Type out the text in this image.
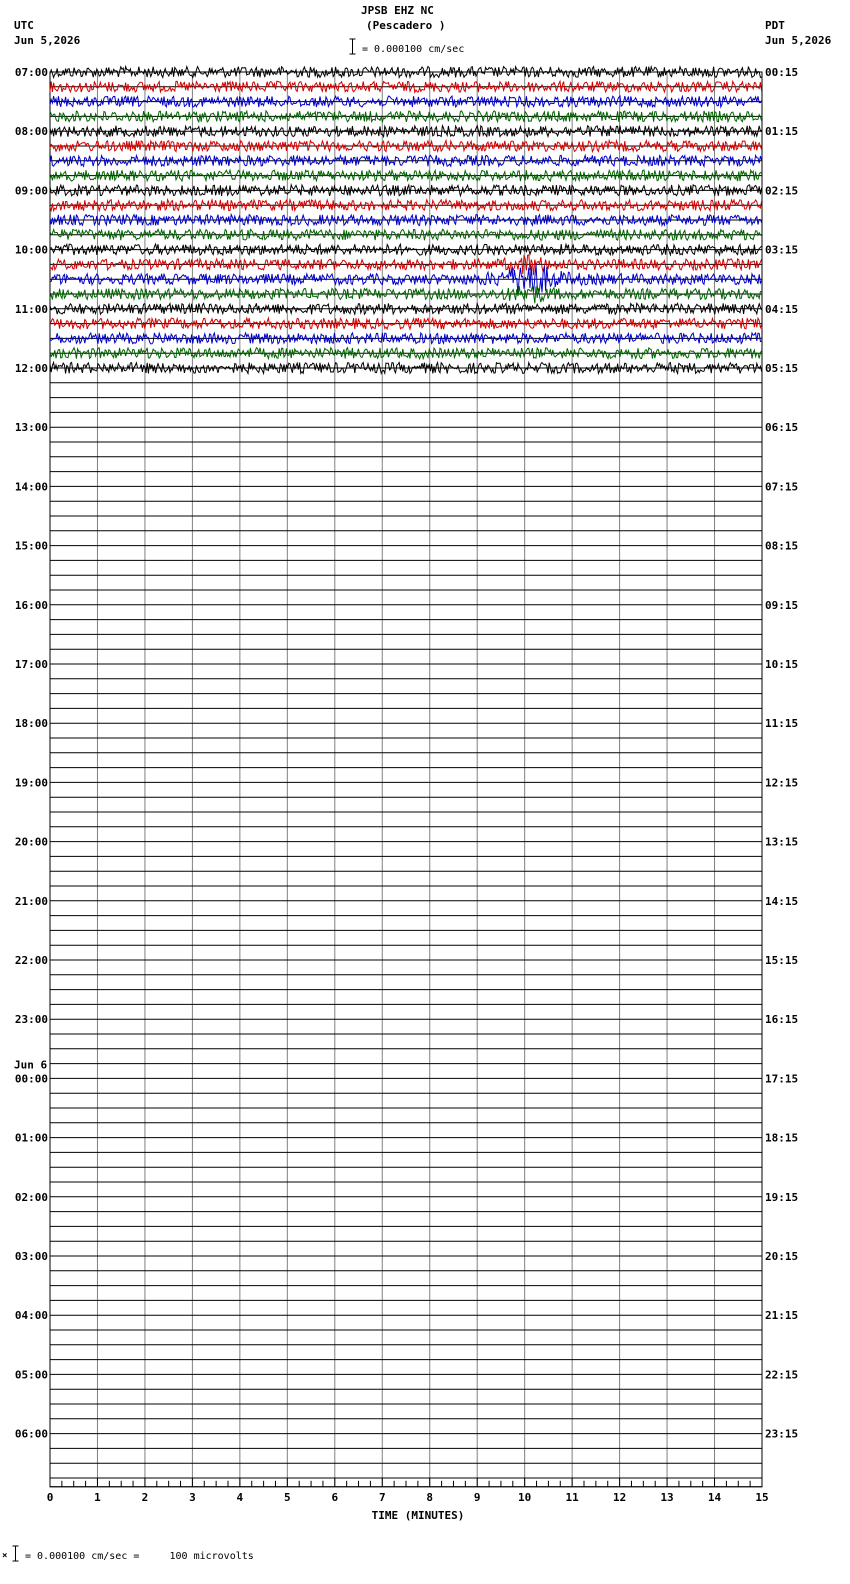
JPSB EHZ NC
(Pescadero )
= 0.000100 cm/sec
UTC
Jun 5,2026
PDT
Jun 5,2026
07:00
08:00
09:00
10:00
11:00
12:00
13:00
14:00
15:00
16:00
17:00
18:00
19:00
20:00
21:00
22:00
23:00
00:00
Jun 6
01:00
02:00
03:00
04:00
05:00
06:00
00:15
01:15
02:15
03:15
04:15
05:15
06:15
07:15
08:15
09:15
10:15
11:15
12:15
13:15
14:15
15:15
16:15
17:15
18:15
19:15
20:15
21:15
22:15
23:15
0	1	2	3	4	5	6	7	8	9	10	11	12	13	14	15
TIME (MINUTES)
× = 0.000100 cm/sec =     100 microvolts
